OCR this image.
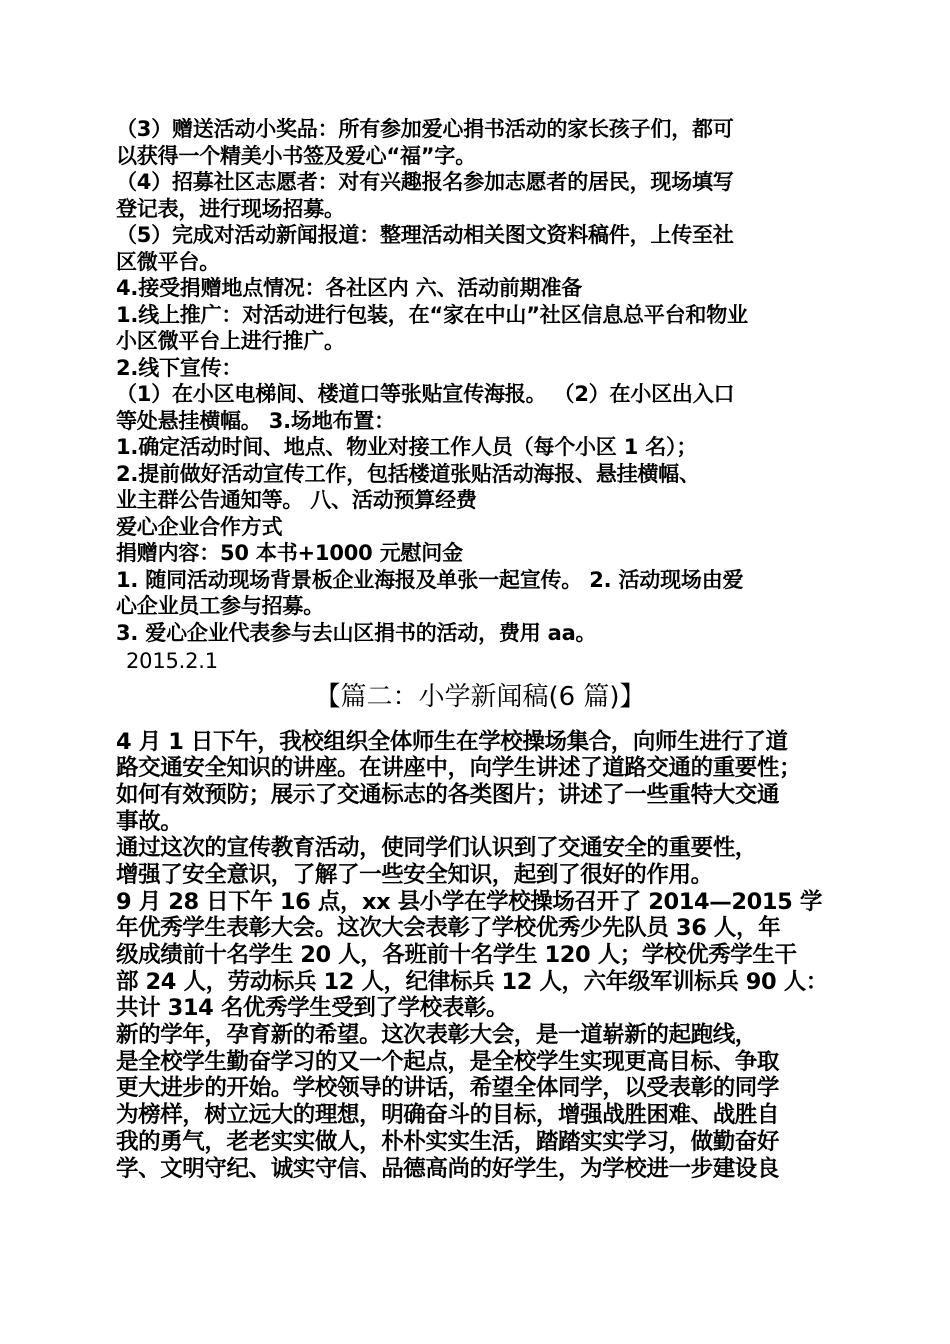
（3）赠送活动小奖品：所有参加爱心捐书活动的家长孩子们，都可
以获得一个精美小书签及爱心“福”字。
（4）招募社区志愿者：对有兴趣报名参加志愿者的居民，现场填写
登记表，进行现场招募。
（5）完成对活动新闻报道：整理活动相关图文资料稿件，上传至社
区微平台。
4.接受捐赠地点情况：各社区内 六、活动前期准备
1.线上推广：对活动进行包装，在“家在中山”社区信息总平台和物业
小区微平台上进行推广。
2.线下宣传：
（1）在小区电梯间、楼道口等张贴宣传海报。 （2）在小区出入口
等处悬挂横幅。 3.场地布置：
1.确定活动时间、地点、物业对接工作人员（每个小区 1 名）；
2.提前做好活动宣传工作，包括楼道张贴活动海报、悬挂横幅、
业主群公告通知等。 八、活动预算经费
爱心企业合作方式
捐赠内容：50 本书+1000 元慰问金
1. 随同活动现场背景板企业海报及单张一起宣传。 2. 活动现场由爱
心企业员工参与招募。
3. 爱心企业代表参与去山区捐书的活动，费用 aa。
2015.2.1
【篇二：小学新闻稿(6 篇)】
4 月 1 日下午，我校组织全体师生在学校操场集合，向师生进行了道
路交通安全知识的讲座。在讲座中，向学生讲述了道路交通的重要性；
如何有效预防；展示了交通标志的各类图片；讲述了一些重特大交通
事故。
通过这次的宣传教育活动，使同学们认识到了交通安全的重要性，
增强了安全意识，了解了一些安全知识，起到了很好的作用。
9 月 28 日下午 16 点，xx 县小学在学校操场召开了 2014—2015 学
年优秀学生表彰大会。这次大会表彰了学校优秀少先队员 36 人，年
级成绩前十名学生 20 人，各班前十名学生 120 人；学校优秀学生干
部 24 人，劳动标兵 12 人，纪律标兵 12 人，六年级军训标兵 90 人：
共计 314 名优秀学生受到了学校表彰。
新的学年，孕育新的希望。这次表彰大会，是一道崭新的起跑线，
是全校学生勤奋学习的又一个起点，是全校学生实现更高目标、争取
更大进步的开始。学校领导的讲话，希望全体同学，以受表彰的同学
为榜样，树立远大的理想，明确奋斗的目标，增强战胜困难、战胜自
我的勇气，老老实实做人，朴朴实实生活，踏踏实实学习，做勤奋好
学、文明守纪、诚实守信、品德高尚的好学生，为学校进一步建设良
